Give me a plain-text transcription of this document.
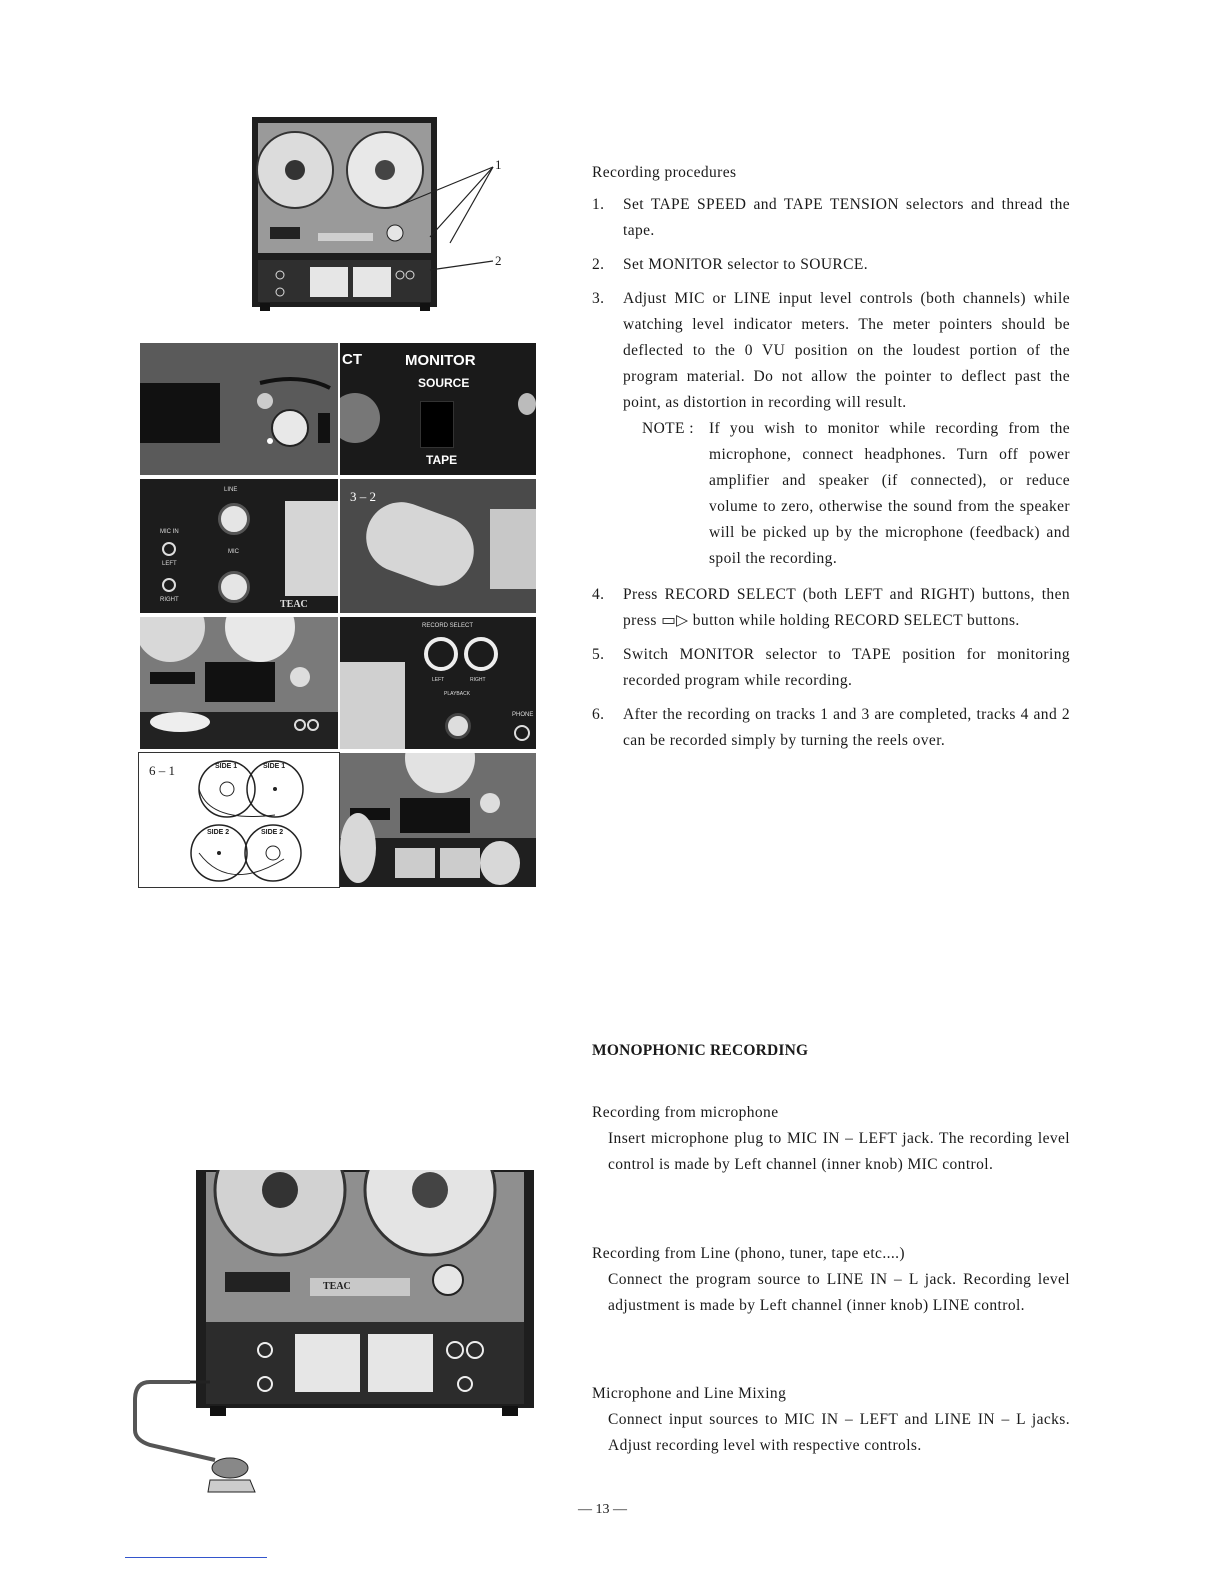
1
2
CT	MONITOR
SOURCE
TAPE
LINE
MIC
MIC IN
LEFT
RIGHT	TEAC
3 – 2
RECORD SELECT
LEFT	RIGHT
PLAYBACK
PHONE
6 – 1	SIDE 1	SIDE 1
SIDE 2	SIDE 2
TEAC
Recording procedures
1.	Set TAPE SPEED and TAPE TENSION selectors and thread the tape.
2.	Set MONITOR selector to SOURCE.
3.	Adjust MIC or LINE input level controls (both channels) while watching level indicator meters. The meter pointers should be deflected to the 0 VU position on the loudest portion of the program material. Do not allow the pointer to deflect past the point, as distortion in recording will result.
NOTE : If you wish to monitor while recording from the microphone, connect headphones. Turn off power amplifier and speaker (if connected), or reduce volume to zero, otherwise the sound from the speaker will be picked up by the microphone (feedback) and spoil the recording.
4.	Press RECORD SELECT (both LEFT and RIGHT) buttons, then press ▭▷ button while holding RECORD SELECT buttons.
5.	Switch MONITOR selector to TAPE position for monitoring recorded program while recording.
6.	After the recording on tracks 1 and 3 are completed, tracks 4 and 2 can be recorded simply by turning the reels over.
MONOPHONIC RECORDING
Recording from microphone
Insert microphone plug to MIC IN – LEFT jack. The recording level control is made by Left channel (inner knob) MIC control.
Recording from Line (phono, tuner, tape etc....)
Connect the program source to LINE IN – L jack. Recording level adjustment is made by Left channel (inner knob) LINE control.
Microphone and Line Mixing
Connect input sources to MIC IN – LEFT and LINE IN – L jacks. Adjust recording level with respective controls.
— 13 —
